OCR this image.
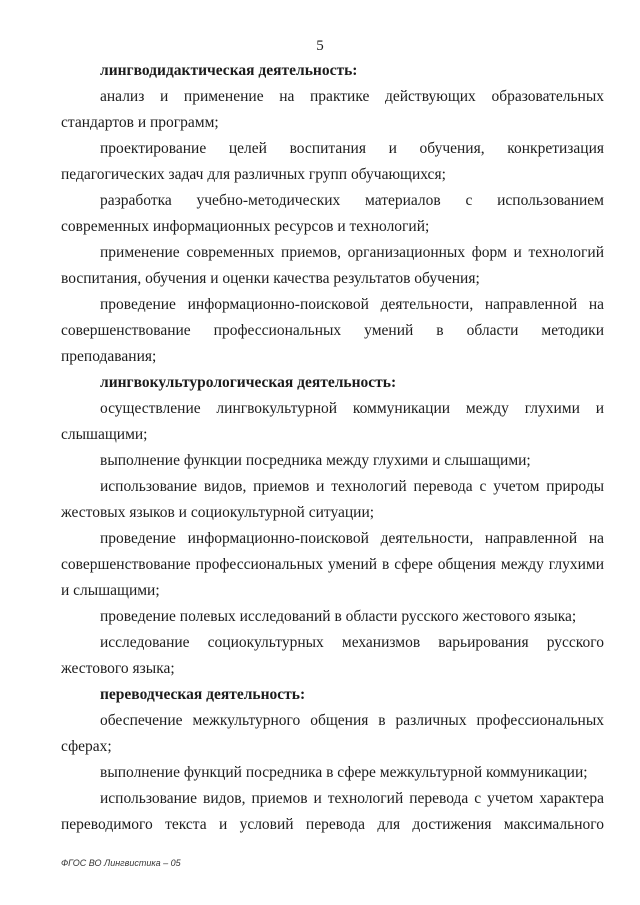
5

лингводидактическая деятельность:

анализ и применение на практике действующих образовательных стандартов и программ;

проектирование целей воспитания и обучения, конкретизация педагогических задач для различных групп обучающихся;

разработка учебно-методических материалов с использованием современных информационных ресурсов и технологий;

применение современных приемов, организационных форм и технологий воспитания, обучения и оценки качества результатов обучения;

проведение информационно-поисковой деятельности, направленной на совершенствование профессиональных умений в области методики преподавания;

лингвокультурологическая деятельность:

осуществление лингвокультурной коммуникации между глухими и слышащими;

выполнение функции посредника между глухими и слышащими;

использование видов, приемов и технологий перевода с учетом природы жестовых языков и социокультурной ситуации;

проведение информационно-поисковой деятельности, направленной на совершенствование профессиональных умений в сфере общения между глухими и слышащими;

проведение полевых исследований в области русского жестового языка;

исследование социокультурных механизмов варьирования русского жестового языка;

переводческая деятельность:

обеспечение межкультурного общения в различных профессиональных сферах;

выполнение функций посредника в сфере межкультурной коммуникации;

использование видов, приемов и технологий перевода с учетом характера переводимого текста и условий перевода для достижения максимального

ФГОС ВО Лингвистика – 05
